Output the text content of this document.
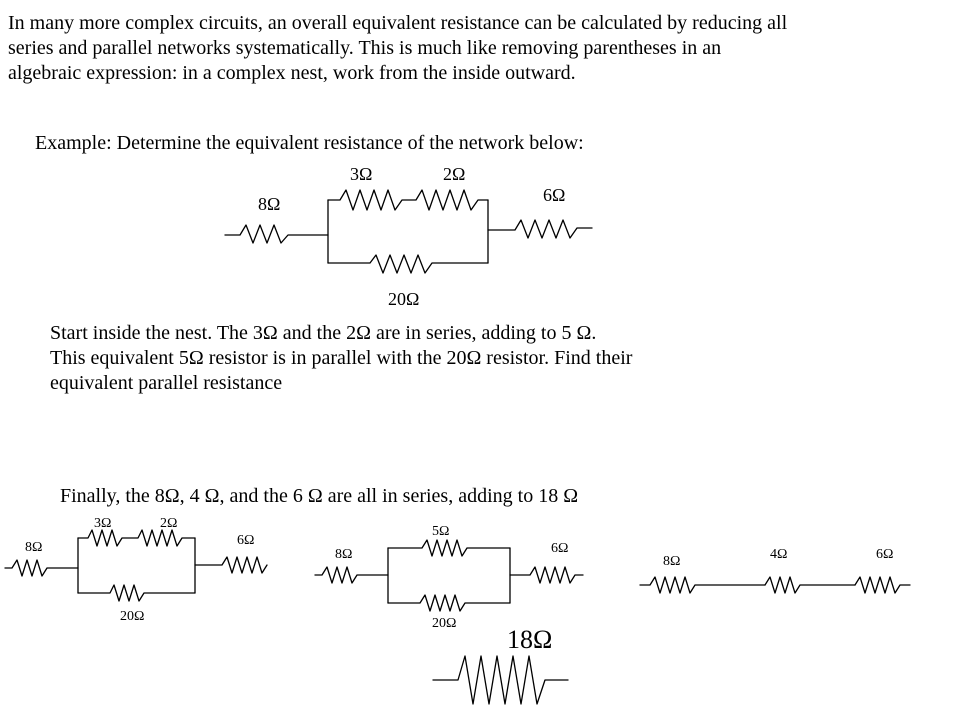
In many more complex circuits, an overall equivalent resistance can be calculated by reducing all
series and parallel networks systematically. This is much like removing parentheses in an
algebraic expression: in a complex nest, work from the inside outward.
Example: Determine the equivalent resistance of the network below:
Start inside the nest. The 3Ω and the 2Ω are in series, adding to 5 Ω.
This equivalent 5Ω resistor is in parallel with the 20Ω resistor. Find their
equivalent parallel resistance
Finally, the 8Ω, 4 Ω, and the 6 Ω are all in series, adding to 18 Ω
8Ω
3Ω	2Ω
6Ω
20Ω
8Ω
3Ω	2Ω
6Ω
20Ω
8Ω
5Ω
6Ω
20Ω
8Ω	4Ω	6Ω
18Ω
